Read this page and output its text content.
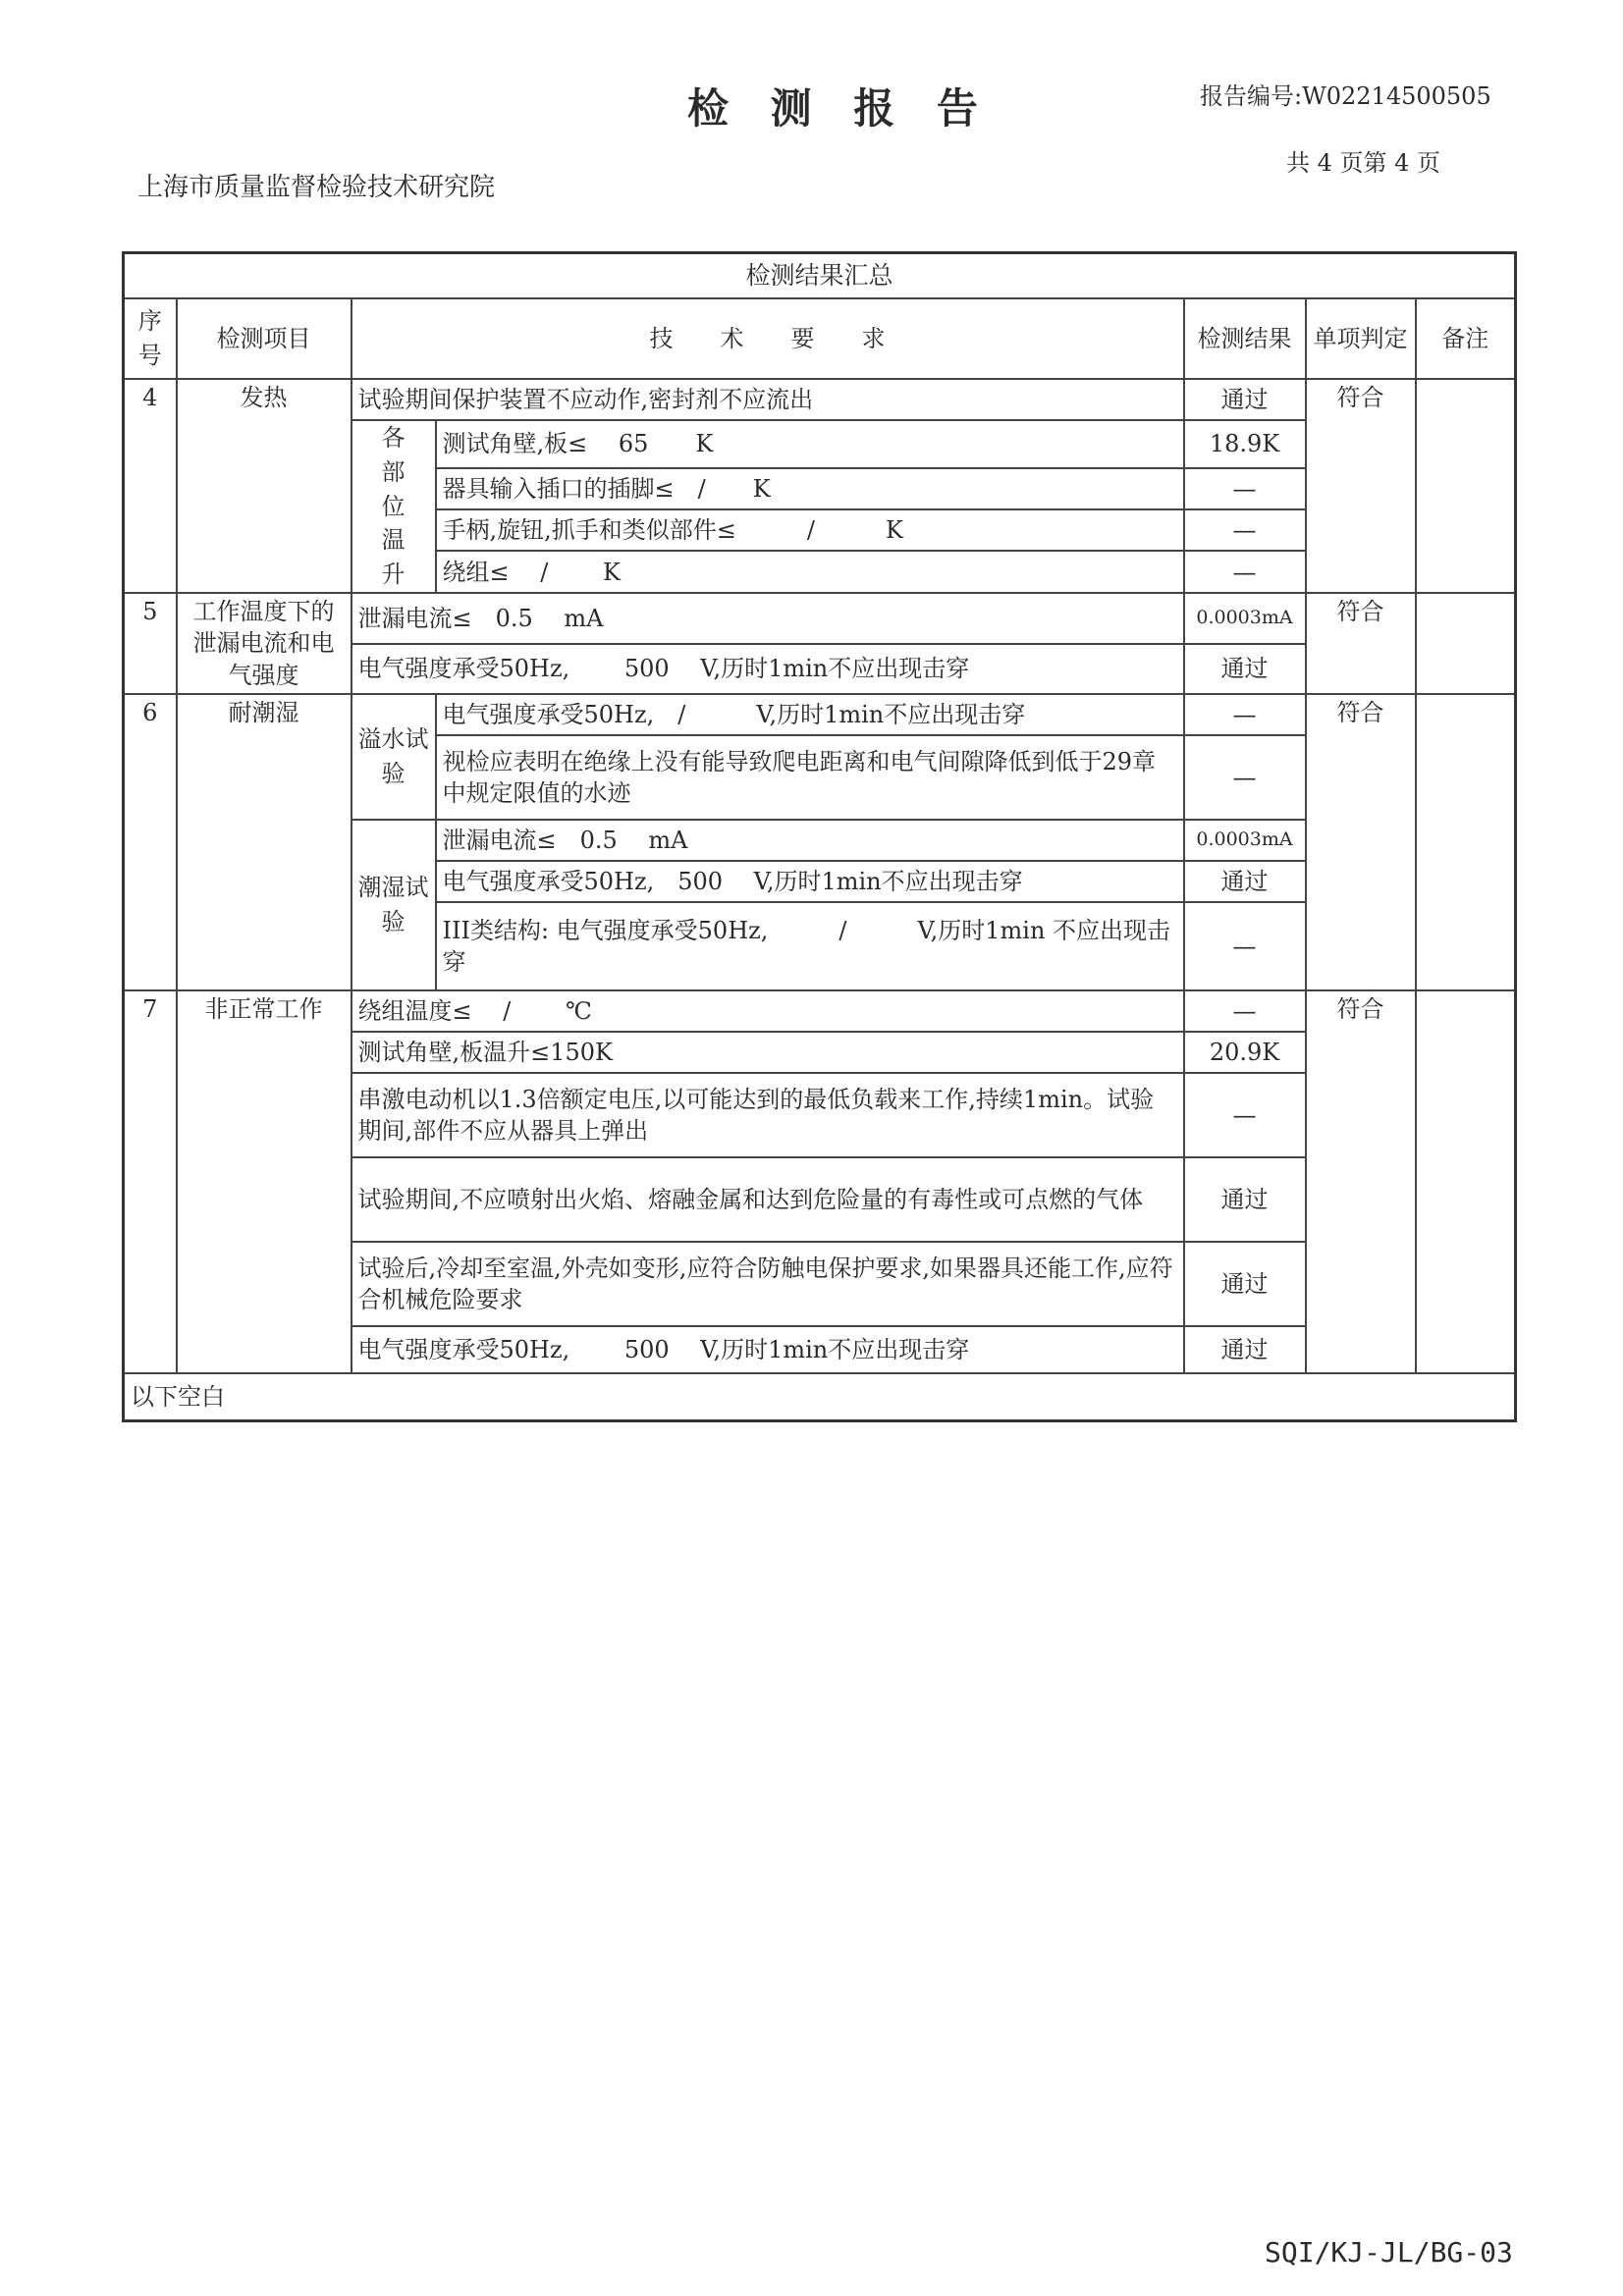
检 测 报 告	报告编号:W02214500505
共 4 页第 4 页
上海市质量监督检验技术研究院
检测结果汇总						
序号	检测项目	技　　术　　要　　求		检测结果	单项判定	备注
4	发热	试验期间保护装置不应动作,密封剂不应流出		通过	符合	
		各部位温升	测试角壁,板≤　 65　　K	18.9K		
			器具输入插口的插脚≤　/　　K	—		
			手柄,旋钮,抓手和类似部件≤　　　/　　　K	—		
			绕组≤　 /　　 K	—		
5	工作温度下的泄漏电流和电气强度	泄漏电流≤　0.5　 mA		0.0003mA	符合	
		电气强度承受50Hz,　　 500　 V,历时1min不应出现击穿		通过		
6	耐潮湿	溢水试验	电气强度承受50Hz,　/　　　V,历时1min不应出现击穿	—	符合	
			视检应表明在绝缘上没有能导致爬电距离和电气间隙降低到低于29章中规定限值的水迹	—		
		潮湿试验	泄漏电流≤　0.5　 mA	0.0003mA		
			电气强度承受50Hz,　500　 V,历时1min不应出现击穿	通过		
			III类结构: 电气强度承受50Hz,　　　/　　　V,历时1min 不应出现击穿	—		
7	非正常工作	绕组温度≤　 /　　 ℃		—	符合	
		测试角壁,板温升≤150K		20.9K		
		串激电动机以1.3倍额定电压,以可能达到的最低负载来工作,持续1min。试验期间,部件不应从器具上弹出		—		
		试验期间,不应喷射出火焰、熔融金属和达到危险量的有毒性或可点燃的气体		通过		
		试验后,冷却至室温,外壳如变形,应符合防触电保护要求,如果器具还能工作,应符合机械危险要求		通过		
		电气强度承受50Hz,　　 500　 V,历时1min不应出现击穿		通过		
以下空白						
SQI/KJ-JL/BG-03
